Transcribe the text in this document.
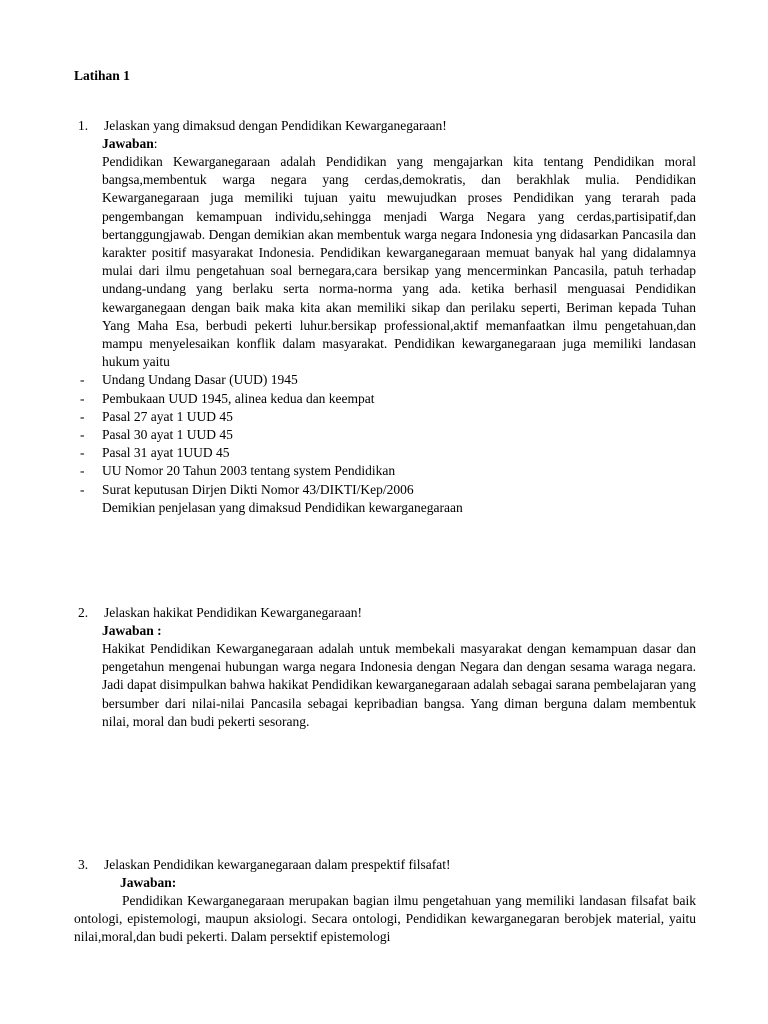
Latihan 1
1. Jelaskan yang dimaksud dengan Pendidikan Kewarganegaraan!
Jawaban:
Pendidikan Kewarganegaraan adalah Pendidikan yang mengajarkan kita tentang Pendidikan moral bangsa,membentuk warga negara yang cerdas,demokratis, dan berakhlak mulia. Pendidikan Kewarganegaraan juga memiliki tujuan yaitu mewujudkan proses Pendidikan yang terarah pada pengembangan kemampuan individu,sehingga menjadi Warga Negara yang cerdas,partisipatif,dan bertanggungjawab. Dengan demikian akan membentuk warga negara Indonesia yng didasarkan Pancasila dan karakter positif masyarakat Indonesia. Pendidikan kewarganegaraan memuat banyak hal yang didalamnya mulai dari ilmu pengetahuan soal bernegara,cara bersikap yang mencerminkan Pancasila, patuh terhadap undang-undang yang berlaku serta norma-norma yang ada. ketika berhasil menguasai Pendidikan kewarganegaan dengan baik maka kita akan memiliki sikap dan perilaku seperti, Beriman kepada Tuhan Yang Maha Esa, berbudi pekerti luhur.bersikap professional,aktif memanfaatkan ilmu pengetahuan,dan mampu menyelesaikan konflik dalam masyarakat. Pendidikan kewarganegaraan juga memiliki landasan hukum yaitu
- Undang Undang Dasar (UUD) 1945
- Pembukaan UUD 1945, alinea kedua dan keempat
- Pasal 27 ayat 1 UUD 45
- Pasal 30 ayat 1 UUD 45
- Pasal 31 ayat 1UUD 45
- UU Nomor 20 Tahun 2003 tentang system Pendidikan
- Surat keputusan Dirjen Dikti Nomor 43/DIKTI/Kep/2006
Demikian penjelasan yang dimaksud Pendidikan kewarganegaraan
2. Jelaskan hakikat Pendidikan Kewarganegaraan!
Jawaban :
Hakikat Pendidikan Kewarganegaraan adalah untuk membekali masyarakat dengan kemampuan dasar dan pengetahun mengenai hubungan warga negara Indonesia dengan Negara dan dengan sesama waraga negara. Jadi dapat disimpulkan bahwa hakikat Pendidikan kewarganegaraan adalah sebagai sarana pembelajaran yang bersumber dari nilai-nilai Pancasila sebagai kepribadian bangsa. Yang diman berguna dalam membentuk nilai, moral dan budi pekerti sesorang.
3. Jelaskan Pendidikan kewarganegaraan dalam prespektif filsafat!
Jawaban:
Pendidikan Kewarganegaraan merupakan bagian ilmu pengetahuan yang memiliki landasan filsafat baik ontologi, epistemologi, maupun aksiologi. Secara ontologi, Pendidikan kewarganegaran berobjek material, yaitu nilai,moral,dan budi pekerti. Dalam persektif epistemologi
